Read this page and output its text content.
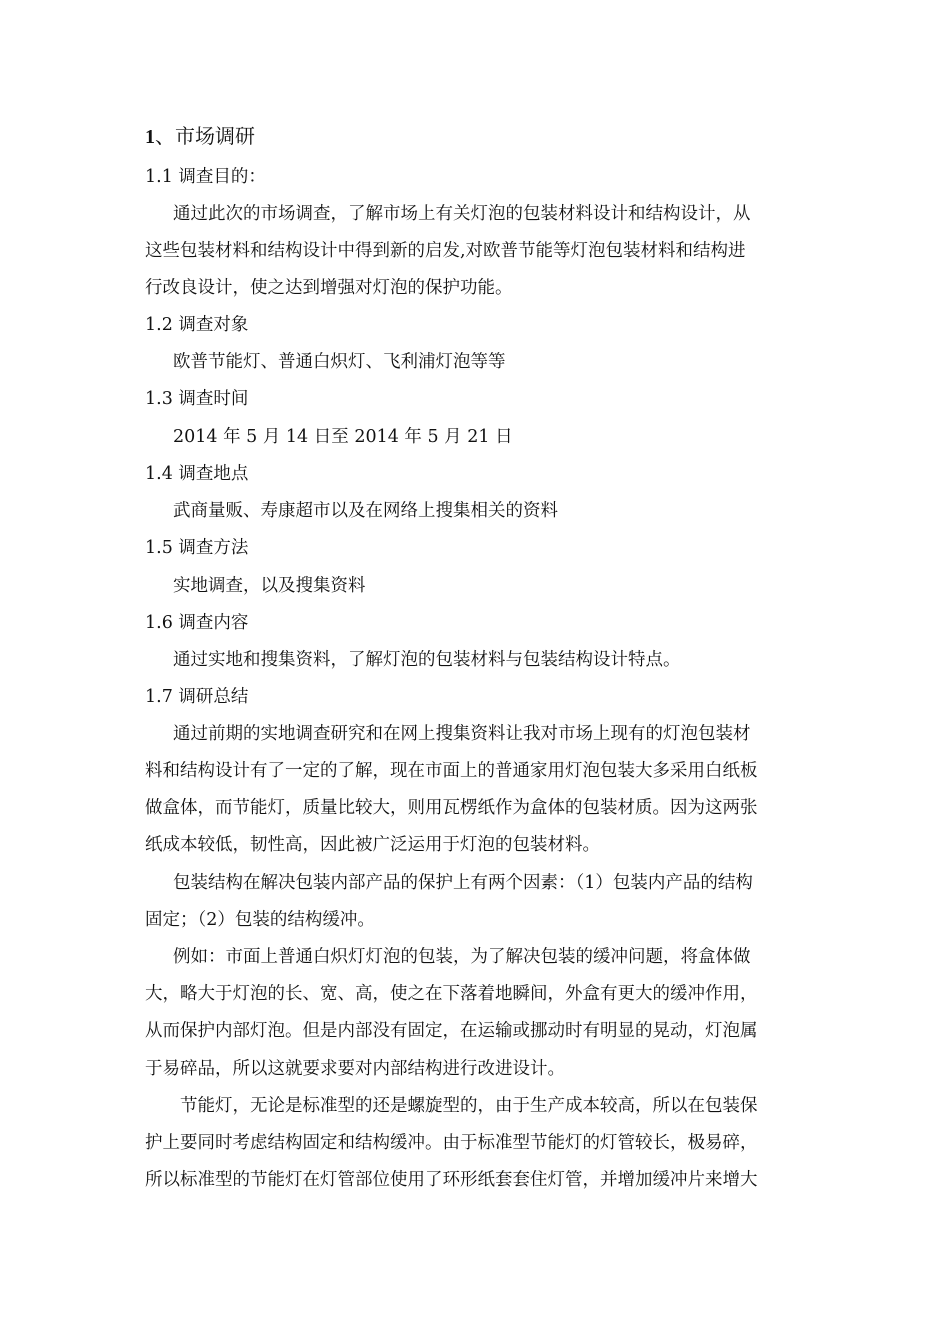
1、市场调研
1.1 调查目的：
通过此次的市场调查，了解市场上有关灯泡的包装材料设计和结构设计，从
这些包装材料和结构设计中得到新的启发,对欧普节能等灯泡包装材料和结构进
行改良设计，使之达到增强对灯泡的保护功能。
1.2 调查对象
欧普节能灯、普通白炽灯、飞利浦灯泡等等
1.3 调查时间
2014 年 5 月 14 日至 2014 年 5 月 21 日
1.4 调查地点
武商量贩、寿康超市以及在网络上搜集相关的资料
1.5 调查方法
实地调查，以及搜集资料
1.6 调查内容
通过实地和搜集资料，了解灯泡的包装材料与包装结构设计特点。
1.7 调研总结
通过前期的实地调查研究和在网上搜集资料让我对市场上现有的灯泡包装材
料和结构设计有了一定的了解，现在市面上的普通家用灯泡包装大多采用白纸板
做盒体，而节能灯，质量比较大，则用瓦楞纸作为盒体的包装材质。因为这两张
纸成本较低，韧性高，因此被广泛运用于灯泡的包装材料。
包装结构在解决包装内部产品的保护上有两个因素：（1）包装内产品的结构
固定；（2）包装的结构缓冲。
例如：市面上普通白炽灯灯泡的包装，为了解决包装的缓冲问题，将盒体做
大，略大于灯泡的长、宽、高，使之在下落着地瞬间，外盒有更大的缓冲作用，
从而保护内部灯泡。但是内部没有固定，在运输或挪动时有明显的晃动，灯泡属
于易碎品，所以这就要求要对内部结构进行改进设计。
节能灯，无论是标准型的还是螺旋型的，由于生产成本较高，所以在包装保
护上要同时考虑结构固定和结构缓冲。由于标准型节能灯的灯管较长，极易碎，
所以标准型的节能灯在灯管部位使用了环形纸套套住灯管，并增加缓冲片来增大
